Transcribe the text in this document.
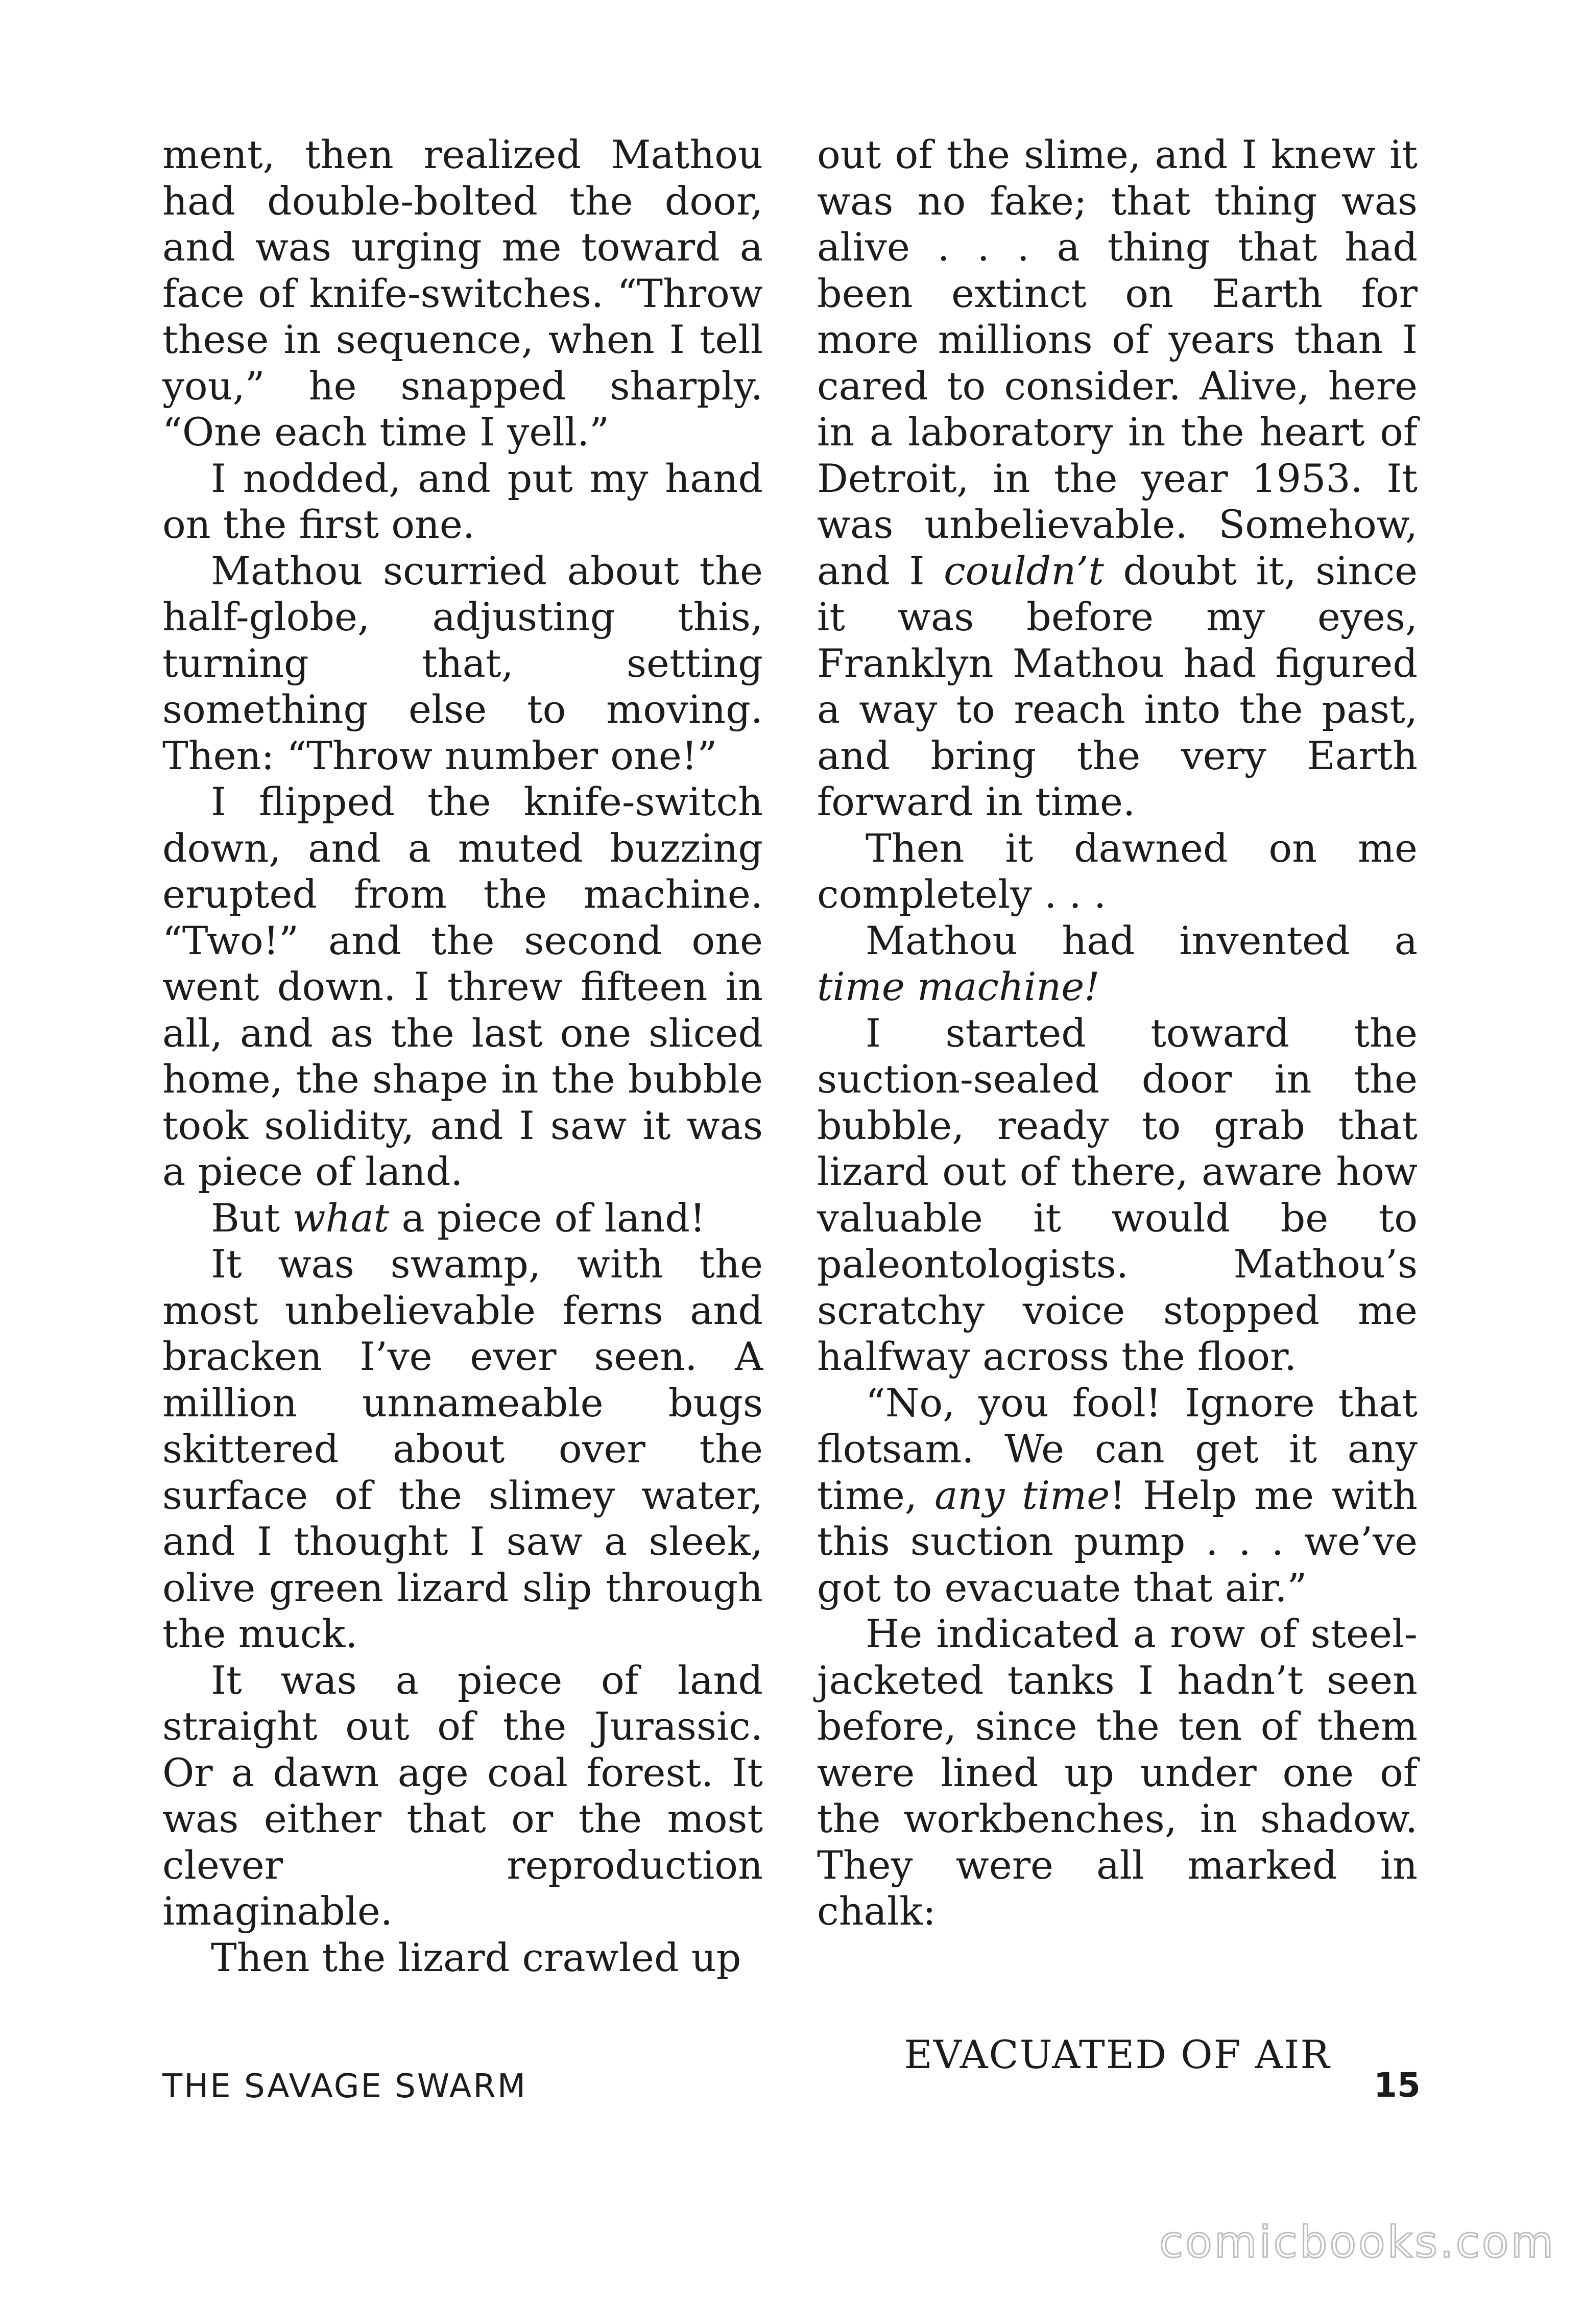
ment, then realized Mathou had double-bolted the door, and was urging me toward a face of knife-switches. “Throw these in sequence, when I tell you,” he snapped sharply. “One each time I yell.”

I nodded, and put my hand on the first one.

Mathou scurried about the half-globe, adjusting this, turning that, setting something else to moving. Then: “Throw number one!”

I flipped the knife-switch down, and a muted buzzing erupted from the machine. “Two!” and the second one went down. I threw fifteen in all, and as the last one sliced home, the shape in the bubble took solidity, and I saw it was a piece of land.

But what a piece of land!

It was swamp, with the most unbelievable ferns and bracken I’ve ever seen. A million unnameable bugs skittered about over the surface of the slimey water, and I thought I saw a sleek, olive green lizard slip through the muck.

It was a piece of land straight out of the Jurassic. Or a dawn age coal forest. It was either that or the most clever reproduction imaginable.

Then the lizard crawled up

out of the slime, and I knew it was no fake; that thing was alive . . . a thing that had been extinct on Earth for more millions of years than I cared to consider. Alive, here in a laboratory in the heart of Detroit, in the year 1953. It was unbelievable. Somehow, and I couldn’t doubt it, since it was before my eyes, Franklyn Mathou had figured a way to reach into the past, and bring the very Earth forward in time.

Then it dawned on me completely . . .

Mathou had invented a time machine!

I started toward the suction-sealed door in the bubble, ready to grab that lizard out of there, aware how valuable it would be to paleontologists. Mathou’s scratchy voice stopped me halfway across the floor.

“No, you fool! Ignore that flotsam. We can get it any time, any time! Help me with this suction pump . . . we’ve got to evacuate that air.”

He indicated a row of steel-jacketed tanks I hadn’t seen before, since the ten of them were lined up under one of the workbenches, in shadow. They were all marked in chalk:

EVACUATED OF AIR

THE SAVAGE SWARM	15
comicbooks.com
